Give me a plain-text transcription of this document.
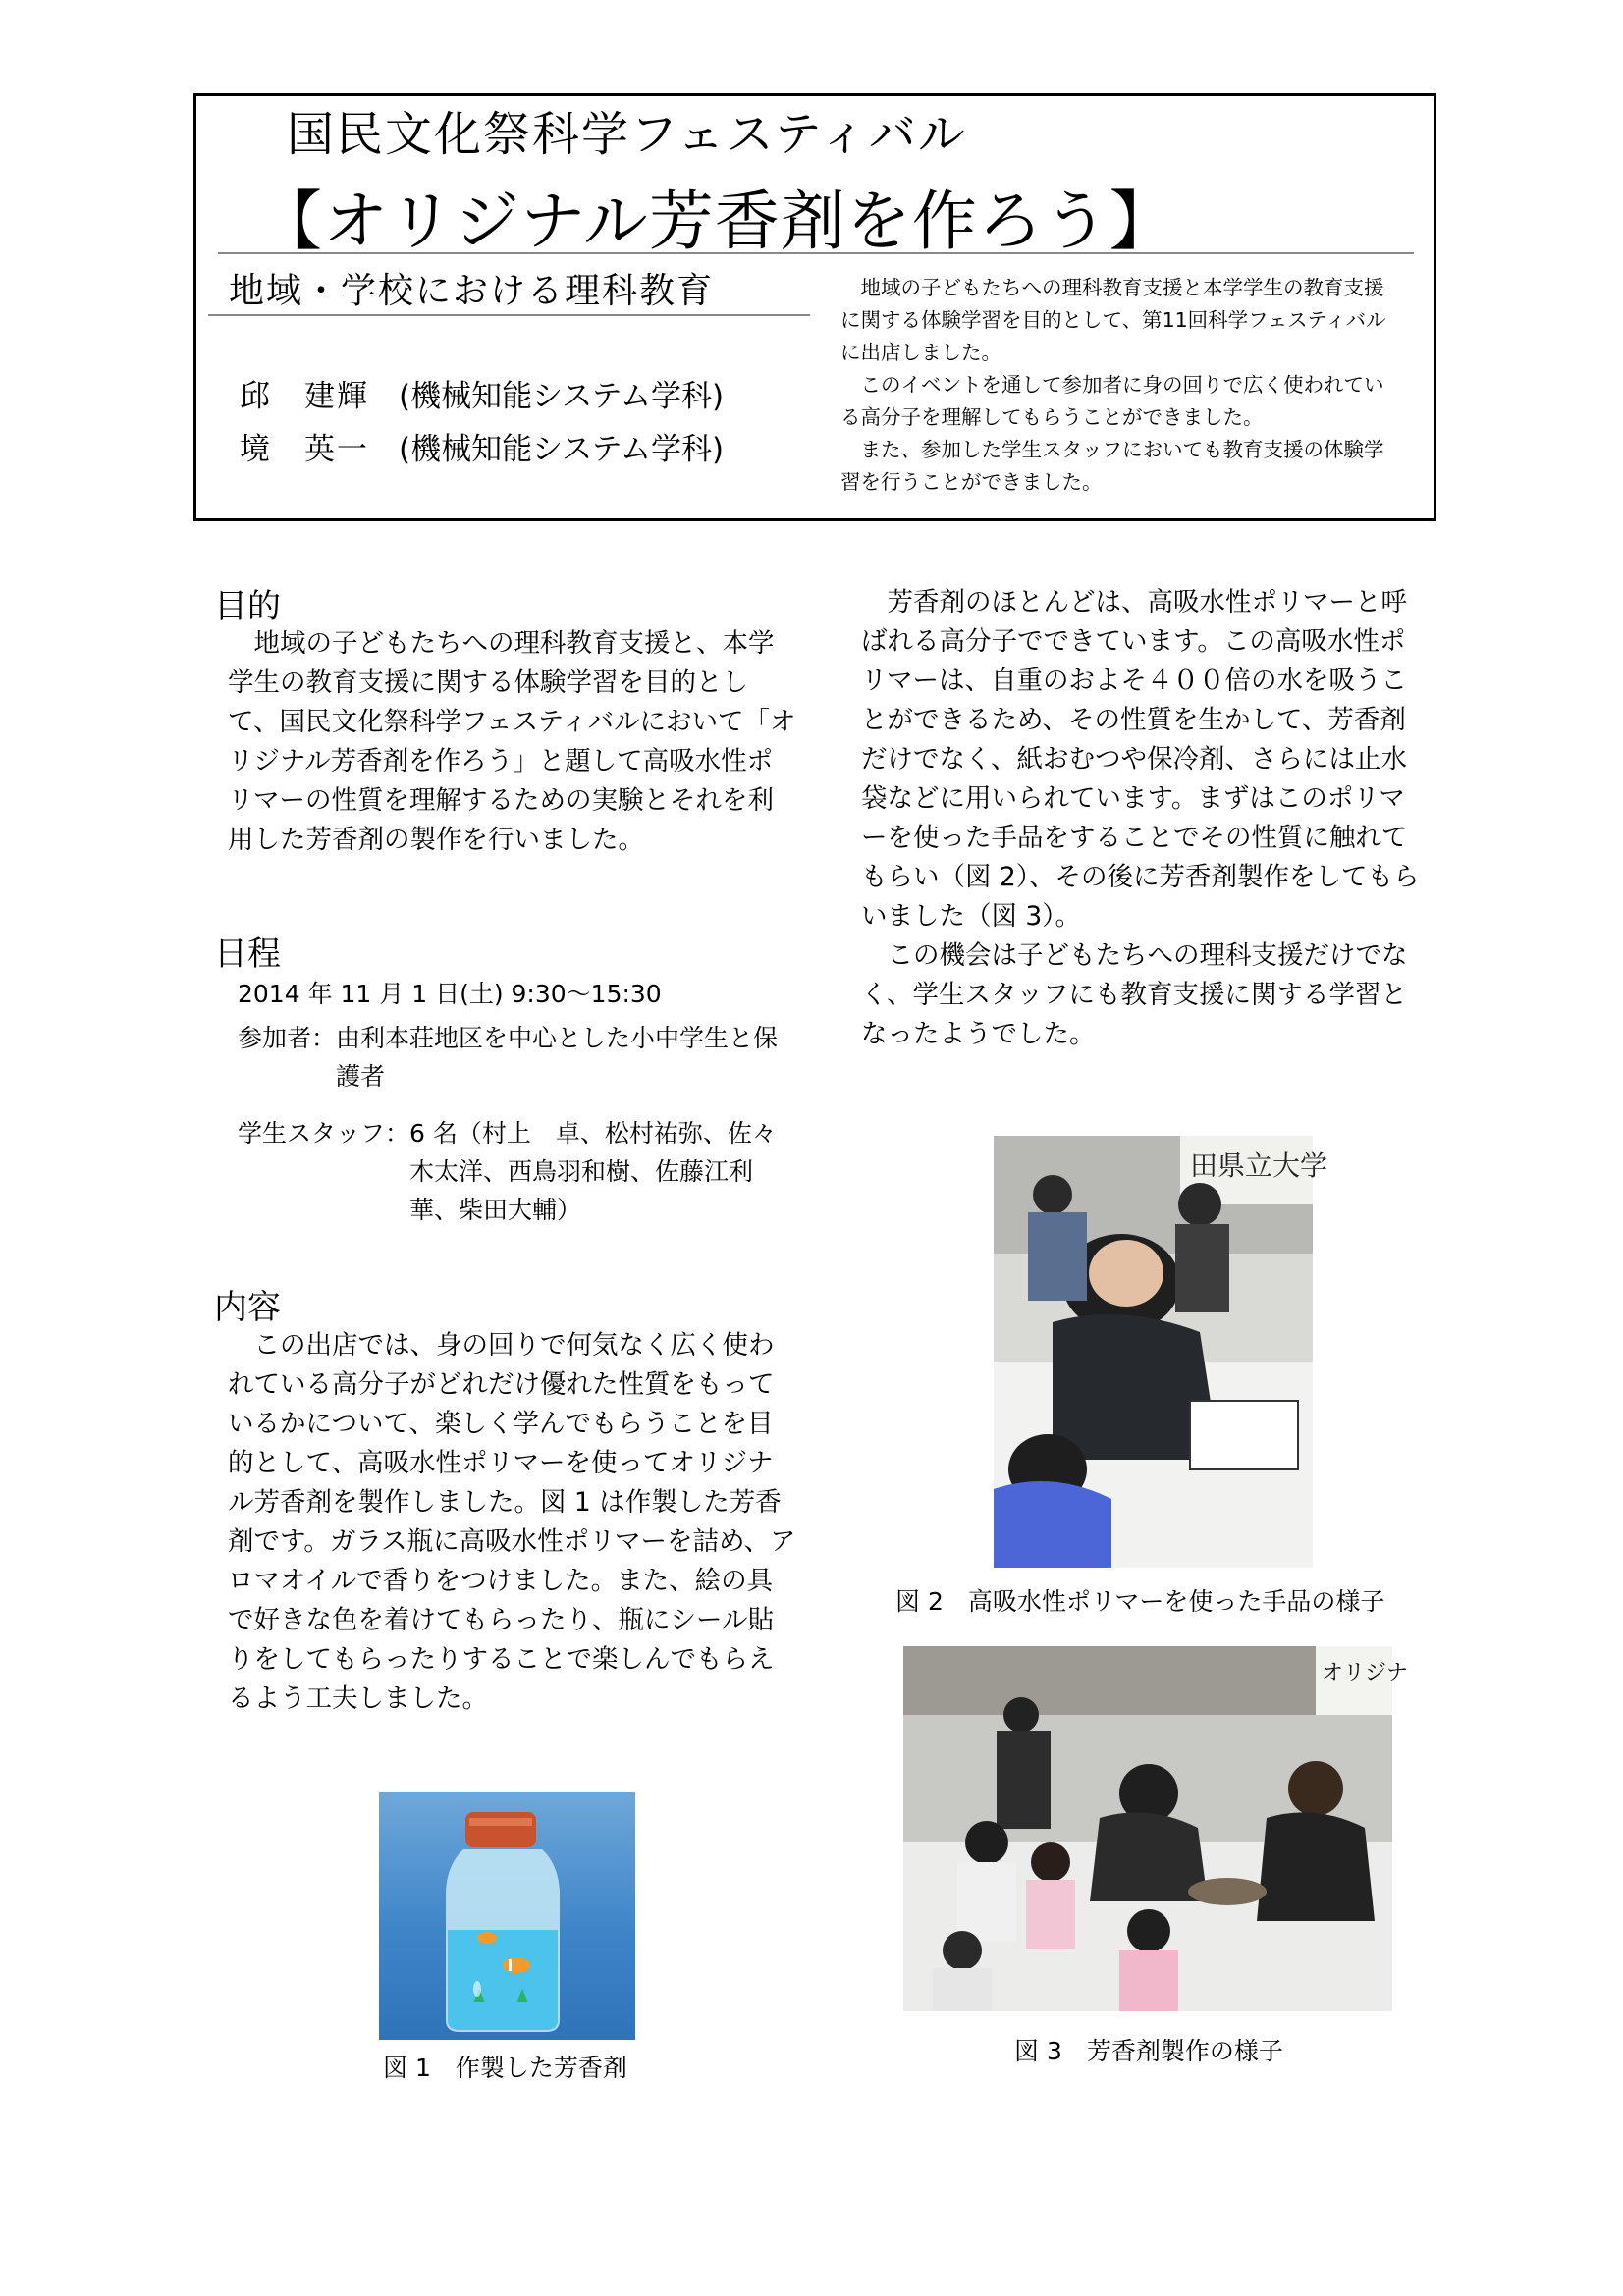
国民文化祭科学フェスティバル
【オリジナル芳香剤を作ろう】
地域・学校における理科教育
邱　建輝 (機械知能システム学科)
境　英一 (機械知能システム学科)

地域の子どもたちへの理科教育支援と本学学生の教育支援に関する体験学習を目的として、第11回科学フェスティバルに出店しました。

このイベントを通して参加者に身の回りで広く使われている高分子を理解してもらうことができました。

また、参加した学生スタッフにおいても教育支援の体験学習を行うことができました。

目的

地域の子どもたちへの理科教育支援と、本学学生の教育支援に関する体験学習を目的として、国民文化祭科学フェスティバルにおいて「オリジナル芳香剤を作ろう」と題して高吸水性ポリマーの性質を理解するための実験とそれを利用した芳香剤の製作を行いました。

日程
2014 年 11 月 1 日(土) 9:30～15:30
参加者： 由利本荘地区を中心とした小中学生と保護者
学生スタッフ： 6 名（村上　卓、松村祐弥、佐々木太洋、西鳥羽和樹、佐藤江利華、柴田大輔）
内容

この出店では、身の回りで何気なく広く使われている高分子がどれだけ優れた性質をもっているかについて、楽しく学んでもらうことを目的として、高吸水性ポリマーを使ってオリジナル芳香剤を製作しました。図 1 は作製した芳香剤です。ガラス瓶に高吸水性ポリマーを詰め、アロマオイルで香りをつけました。また、絵の具で好きな色を着けてもらったり、瓶にシール貼りをしてもらったりすることで楽しんでもらえるよう工夫しました。

図 1　作製した芳香剤

芳香剤のほとんどは、高吸水性ポリマーと呼ばれる高分子でできています。この高吸水性ポリマーは、自重のおよそ４００倍の水を吸うことができるため、その性質を生かして、芳香剤だけでなく、紙おむつや保冷剤、さらには止水袋などに用いられています。まずはこのポリマーを使った手品をすることでその性質に触れてもらい（図 2）、その後に芳香剤製作をしてもらいました（図 3）。

この機会は子どもたちへの理科支援だけでなく、学生スタッフにも教育支援に関する学習となったようでした。

田県立大学
図 2　高吸水性ポリマーを使った手品の様子
オリジナ
図 3　芳香剤製作の様子
